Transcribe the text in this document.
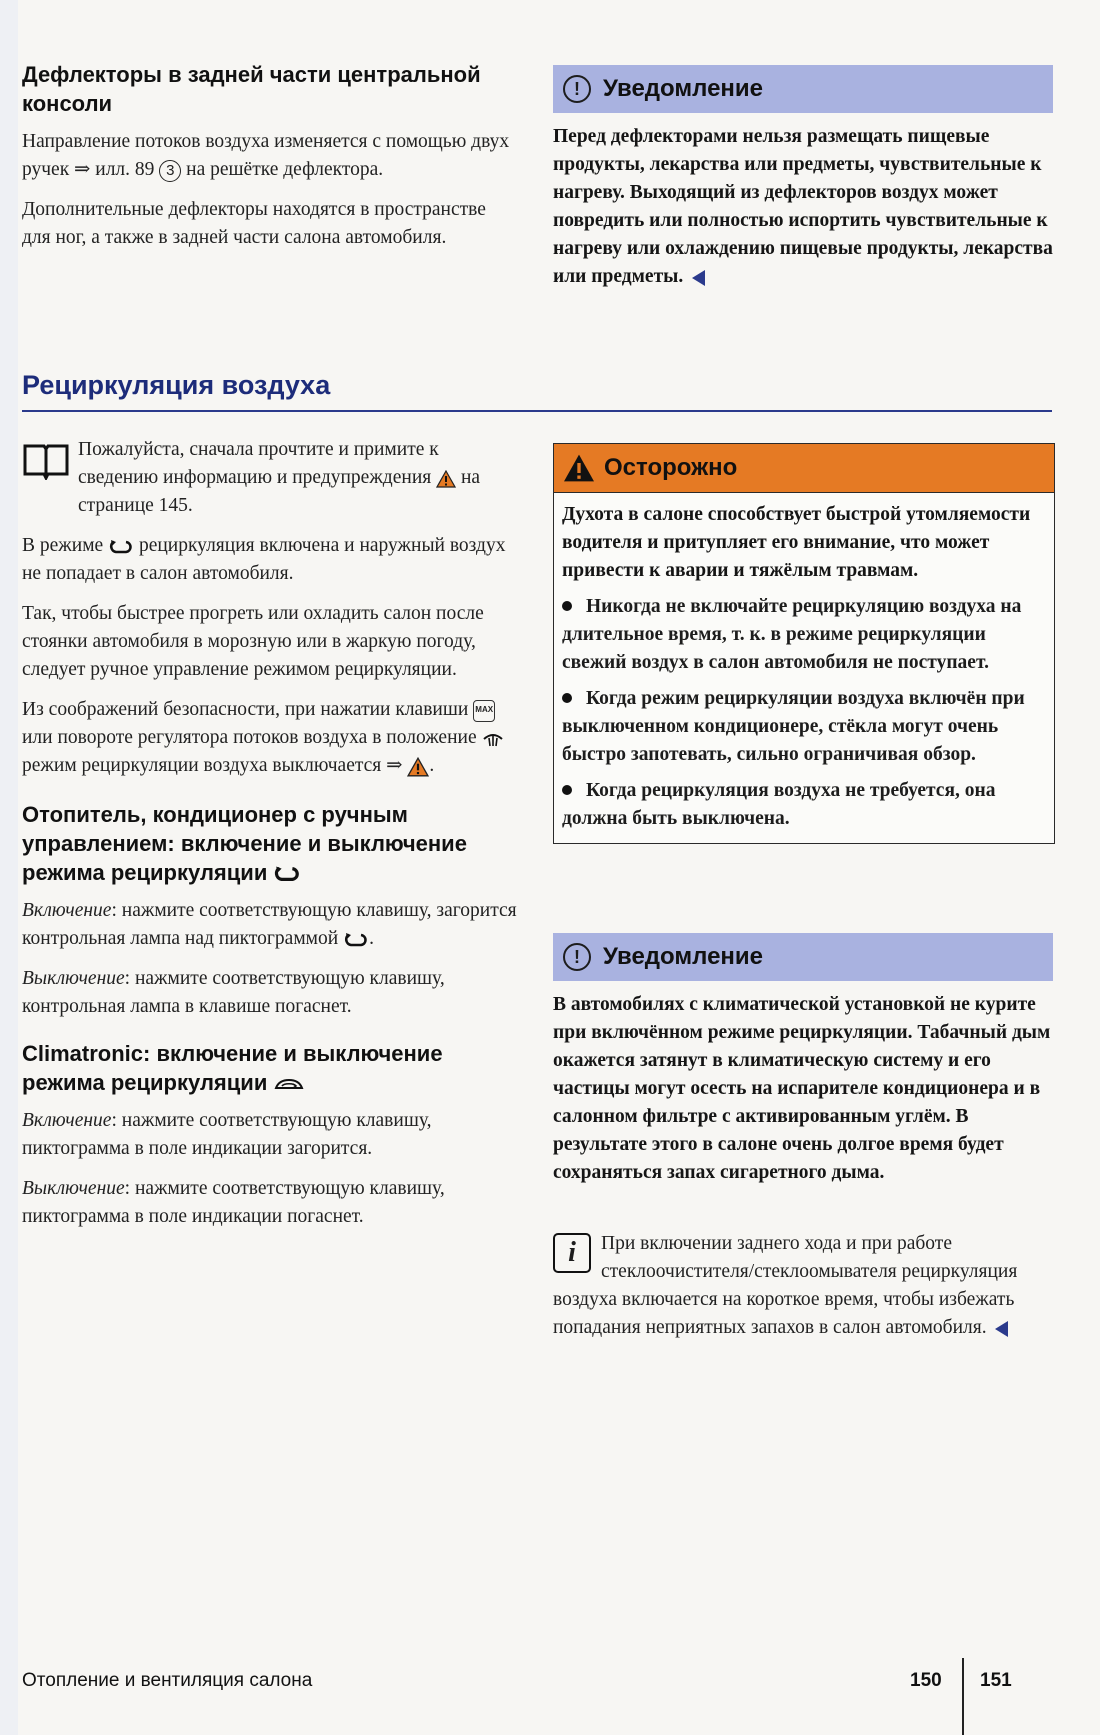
Дефлекторы в задней части центральной консоли

Направление потоков воздуха изменяется с помощью двух ручек ⇒ илл. 89 3 на решётке дефлектора.

Дополнительные дефлекторы находятся в пространстве для ног, а также в задней части салона автомобиля.

! Уведомление

Перед дефлекторами нельзя размещать пищевые продукты, лекарства или предметы, чувствительные к нагреву. Выходящий из дефлекторов воздух может повредить или полностью испортить чувствительные к нагреву или охлаждению пищевые продукты, лекарства или предметы.

Рециркуляция воздуха

Пожалуйста, сначала прочтите и примите к сведению информацию и предупреждения на странице 145.

В режиме рециркуляция включена и наружный воздух не попадает в салон автомобиля.

Так, чтобы быстрее прогреть или охладить салон после стоянки автомобиля в морозную или в жаркую погоду, следует ручное управление режимом рециркуляции.

Из соображений безопасности, при нажатии клавиши MAX или повороте регулятора потоков воздуха в положение  режим рециркуляции воздуха выключается ⇒ .

Отопитель, кондиционер с ручным управлением: включение и выключение режима рециркуляции

Включение: нажмите соответствующую клавишу, загорится контрольная лампа над пиктограммой .

Выключение: нажмите соответствующую клавишу, контрольная лампа в клавише погаснет.

Climatronic: включение и выключение режима рециркуляции

Включение: нажмите соответствующую клавишу, пиктограмма в поле индикации загорится.

Выключение: нажмите соответствующую клавишу, пиктограмма в поле индикации погаснет.

Осторожно

Духота в салоне способствует быстрой утомляемости водителя и притупляет его внимание, что может привести к аварии и тяжёлым травмам.

Никогда не включайте рециркуляцию воздуха на длительное время, т. к. в режиме рециркуляции свежий воздух в салон автомобиля не поступает.

Когда режим рециркуляции воздуха включён при выключенном кондиционере, стёкла могут очень быстро запотевать, сильно ограничивая обзор.

Когда рециркуляция воздуха не требуется, она должна быть выключена.

! Уведомление

В автомобилях с климатической установкой не курите при включённом режиме рециркуляции. Табачный дым окажется затянут в климатическую систему и его частицы могут осесть на испарителе кондиционера и в салонном фильтре с активированным углём. В результате этого в салоне очень долгое время будет сохраняться запах сигаретного дыма.

i	При включении заднего хода и при работе стеклоочистителя/стеклоомывателя рециркуляция воздуха включается на короткое время, чтобы избежать попадания неприятных запахов в салон автомобиля.

Отопление и вентиляция салона	150 151
